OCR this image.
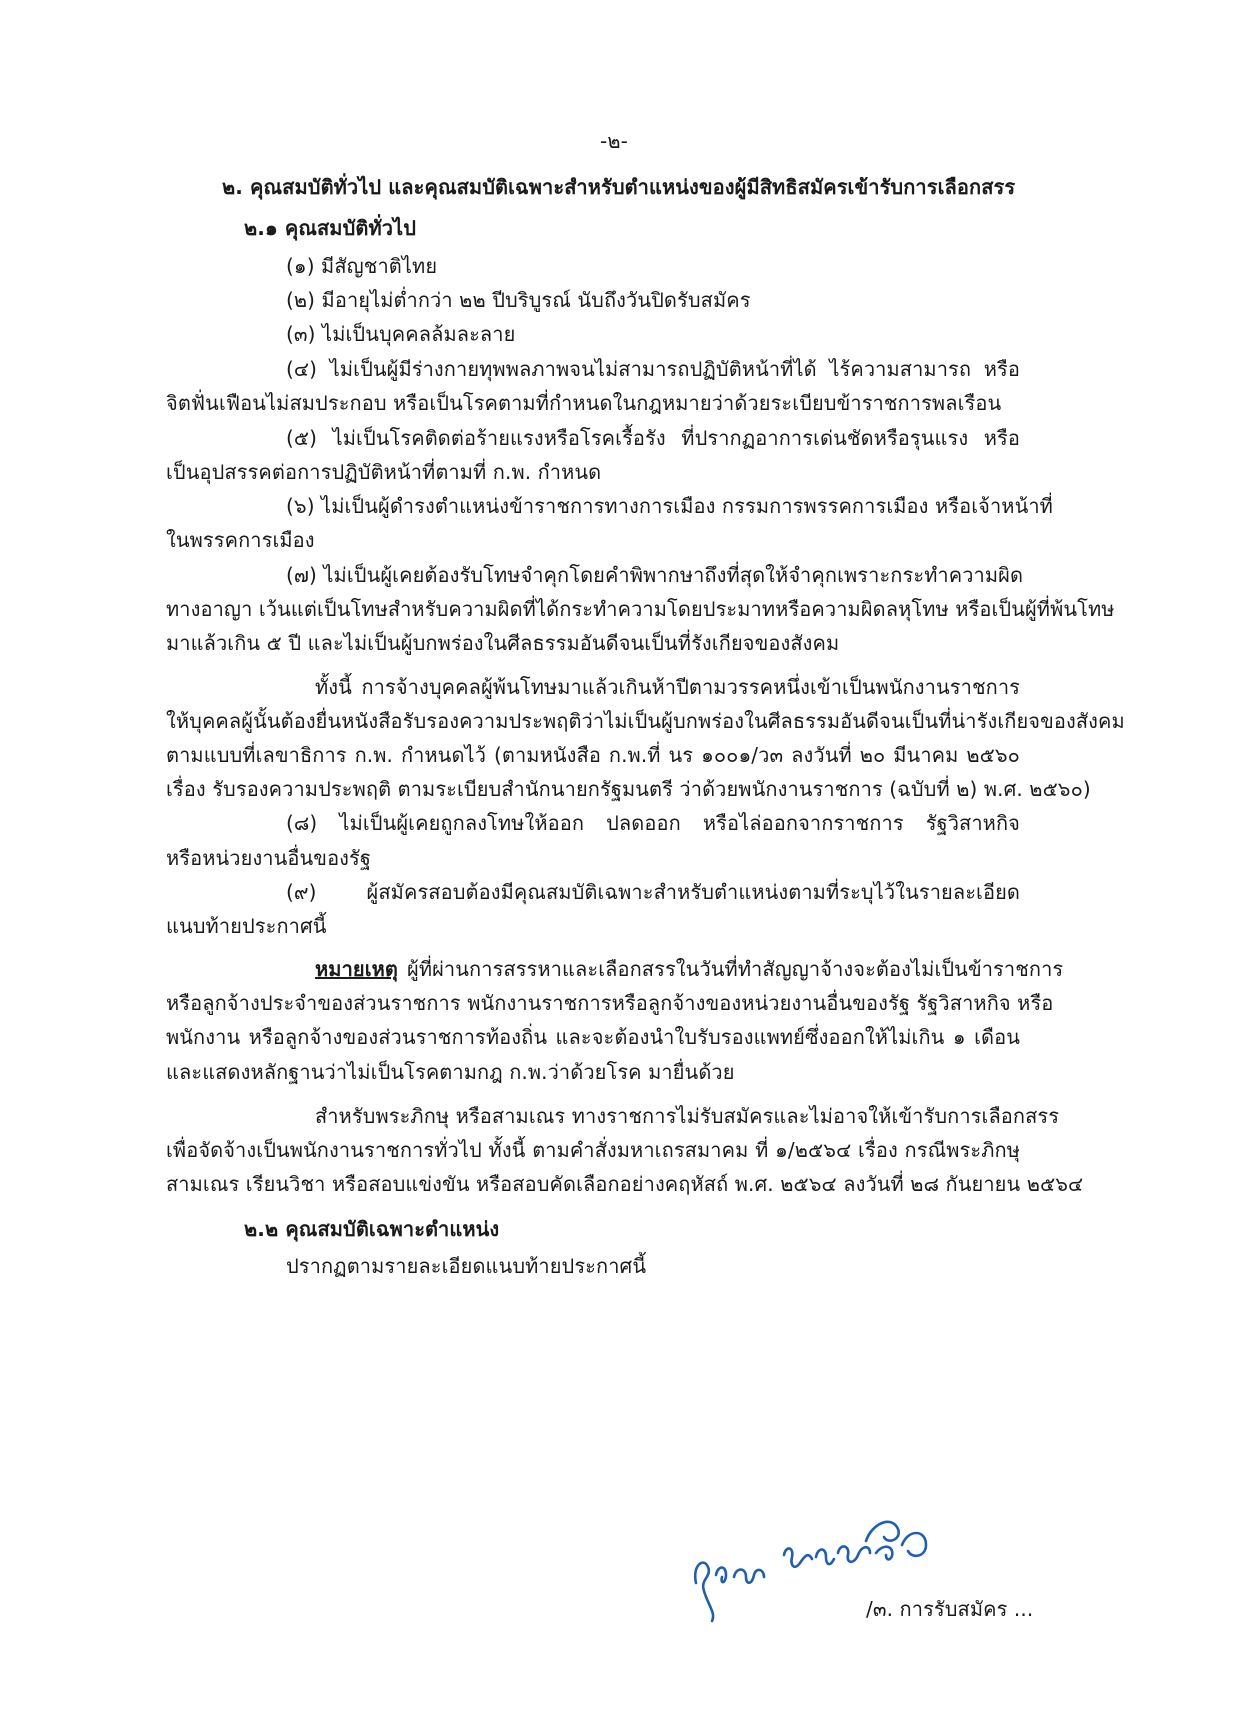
-๒-
๒. คุณสมบัติทั่วไป และคุณสมบัติเฉพาะสำหรับตำแหน่งของผู้มีสิทธิสมัครเข้ารับการเลือกสรร
๒.๑ คุณสมบัติทั่วไป
(๑) มีสัญชาติไทย
(๒) มีอายุไม่ต่ำกว่า ๒๒ ปีบริบูรณ์ นับถึงวันปิดรับสมัคร
(๓) ไม่เป็นบุคคลล้มละลาย
(๔) ไม่เป็นผู้มีร่างกายทุพพลภาพจนไม่สามารถปฏิบัติหน้าที่ได้ ไร้ความสามารถ หรือ
จิตฟั่นเฟือนไม่สมประกอบ หรือเป็นโรคตามที่กำหนดในกฎหมายว่าด้วยระเบียบข้าราชการพลเรือน
(๕) ไม่เป็นโรคติดต่อร้ายแรงหรือโรคเรื้อรัง ที่ปรากฏอาการเด่นชัดหรือรุนแรง หรือ
เป็นอุปสรรคต่อการปฏิบัติหน้าที่ตามที่ ก.พ. กำหนด
(๖) ไม่เป็นผู้ดำรงตำแหน่งข้าราชการทางการเมือง กรรมการพรรคการเมือง หรือเจ้าหน้าที่
ในพรรคการเมือง
(๗) ไม่เป็นผู้เคยต้องรับโทษจำคุกโดยคำพิพากษาถึงที่สุดให้จำคุกเพราะกระทำความผิด
ทางอาญา เว้นแต่เป็นโทษสำหรับความผิดที่ได้กระทำความโดยประมาทหรือความผิดลหุโทษ หรือเป็นผู้ที่พ้นโทษ
มาแล้วเกิน ๕ ปี และไม่เป็นผู้บกพร่องในศีลธรรมอันดีจนเป็นที่รังเกียจของสังคม
ทั้งนี้ การจ้างบุคคลผู้พ้นโทษมาแล้วเกินห้าปีตามวรรคหนึ่งเข้าเป็นพนักงานราชการ
ให้บุคคลผู้นั้นต้องยื่นหนังสือรับรองความประพฤติว่าไม่เป็นผู้บกพร่องในศีลธรรมอันดีจนเป็นที่น่ารังเกียจของสังคม
ตามแบบที่เลขาธิการ ก.พ. กำหนดไว้ (ตามหนังสือ ก.พ.ที่ นร ๑๐๐๑/ว๓ ลงวันที่ ๒๐ มีนาคม ๒๕๖๐
เรื่อง รับรองความประพฤติ ตามระเบียบสำนักนายกรัฐมนตรี ว่าด้วยพนักงานราชการ (ฉบับที่ ๒) พ.ศ. ๒๕๖๐)
(๘) ไม่เป็นผู้เคยถูกลงโทษให้ออก ปลดออก หรือไล่ออกจากราชการ รัฐวิสาหกิจ
หรือหน่วยงานอื่นของรัฐ
(๙) ผู้สมัครสอบต้องมีคุณสมบัติเฉพาะสำหรับตำแหน่งตามที่ระบุไว้ในรายละเอียด
แนบท้ายประกาศนี้
หมายเหตุ ผู้ที่ผ่านการสรรหาและเลือกสรรในวันที่ทำสัญญาจ้างจะต้องไม่เป็นข้าราชการ
หรือลูกจ้างประจำของส่วนราชการ พนักงานราชการหรือลูกจ้างของหน่วยงานอื่นของรัฐ รัฐวิสาหกิจ หรือ
พนักงาน หรือลูกจ้างของส่วนราชการท้องถิ่น และจะต้องนำใบรับรองแพทย์ซึ่งออกให้ไม่เกิน ๑ เดือน
และแสดงหลักฐานว่าไม่เป็นโรคตามกฎ ก.พ.ว่าด้วยโรค มายื่นด้วย
สำหรับพระภิกษุ หรือสามเณร ทางราชการไม่รับสมัครและไม่อาจให้เข้ารับการเลือกสรร
เพื่อจัดจ้างเป็นพนักงานราชการทั่วไป ทั้งนี้ ตามคำสั่งมหาเถรสมาคม ที่ ๑/๒๕๖๔ เรื่อง กรณีพระภิกษุ
สามเณร เรียนวิชา หรือสอบแข่งขัน หรือสอบคัดเลือกอย่างคฤหัสถ์ พ.ศ. ๒๕๖๔ ลงวันที่ ๒๘ กันยายน ๒๕๖๔
๒.๒ คุณสมบัติเฉพาะตำแหน่ง
ปรากฏตามรายละเอียดแนบท้ายประกาศนี้
/๓. การรับสมัคร ...
